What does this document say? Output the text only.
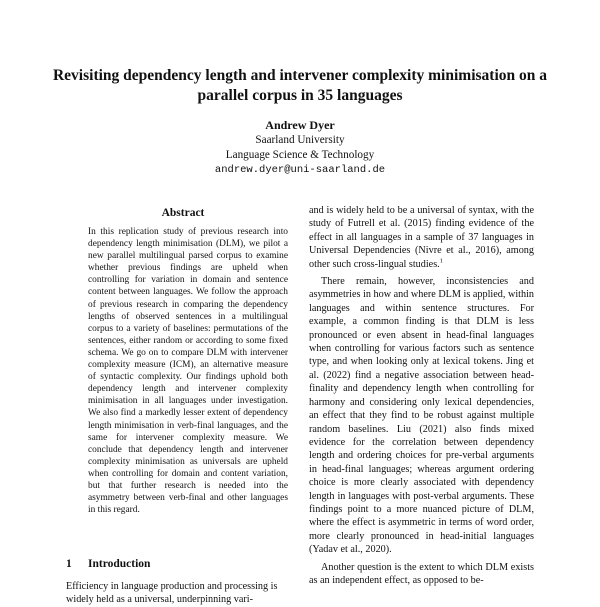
Revisiting dependency length and intervener complexity minimisation on a
parallel corpus in 35 languages
Andrew Dyer
Saarland University
Language Science & Technology
andrew.dyer@uni-saarland.de
Abstract
In this replication study of previous research into dependency length minimisation (DLM), we pilot a new parallel multilingual parsed corpus to examine whether previous findings are upheld when controlling for variation in domain and sentence content between languages. We follow the approach of previous research in comparing the dependency lengths of observed sentences in a multilingual corpus to a variety of baselines: permutations of the sentences, either random or according to some fixed schema. We go on to compare DLM with intervener complexity measure (ICM), an alternative measure of syntactic complexity. Our findings uphold both dependency length and intervener complexity minimisation in all languages under investigation. We also find a markedly lesser extent of dependency length minimisation in verb-final languages, and the same for intervener complexity measure. We conclude that dependency length and intervener complexity minimisation as universals are upheld when controlling for domain and content variation, but that further research is needed into the asymmetry between verb-final and other languages in this regard.
1 Introduction
Efficiency in language production and processing is widely held as a universal, underpinning vari-

and is widely held to be a universal of syntax, with the study of Futrell et al. (2015) finding evidence of the effect in all languages in a sample of 37 languages in Universal Dependencies (Nivre et al., 2016), among other such cross-lingual studies.$^1$

There remain, however, inconsistencies and asymmetries in how and where DLM is applied, within languages and within sentence structures. For example, a common finding is that DLM is less pronounced or even absent in head-final languages when controlling for various factors such as sentence type, and when looking only at lexical tokens. Jing et al. (2022) find a negative association between head-finality and dependency length when controlling for harmony and considering only lexical dependencies, an effect that they find to be robust against multiple random baselines. Liu (2021) also finds mixed evidence for the correlation between dependency length and ordering choices for pre-verbal arguments in head-final languages; whereas argument ordering choice is more clearly associated with dependency length in languages with post-verbal arguments. These findings point to a more nuanced picture of DLM, where the effect is asymmetric in terms of word order, more clearly pronounced in head-initial languages (Yadav et al., 2020).

Another question is the extent to which DLM exists as an independent effect, as opposed to be-
